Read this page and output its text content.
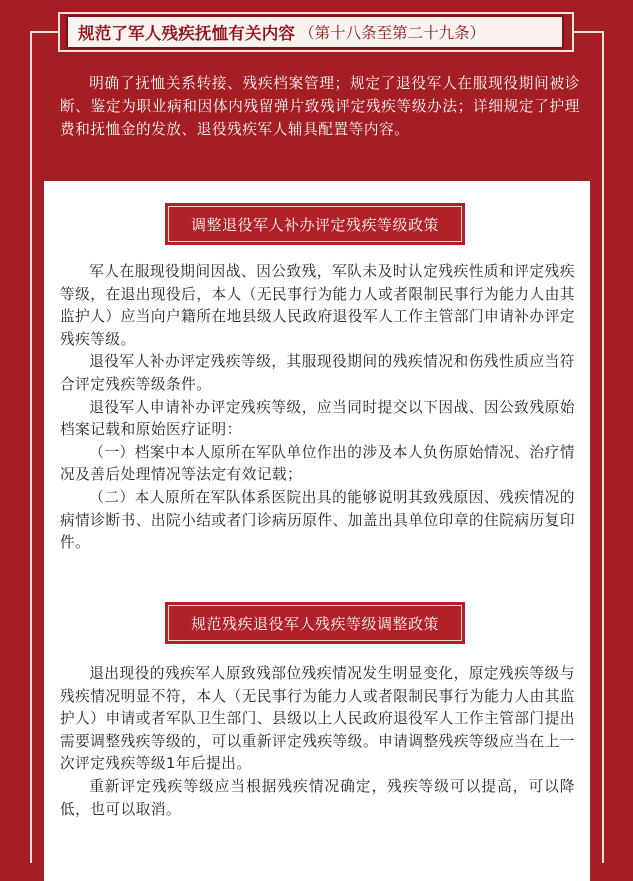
规范了军人残疾抚恤有关内容 （第十八条至第二十九条）
明确了抚恤关系转接、残疾档案管理；规定了退役军人在服现役期间被诊断、鉴定为职业病和因体内残留弹片致残评定残疾等级办法；详细规定了护理费和抚恤金的发放、退役残疾军人辅具配置等内容。
调整退役军人补办评定残疾等级政策

军人在服现役期间因战、因公致残，军队未及时认定残疾性质和评定残疾等级，在退出现役后，本人（无民事行为能力人或者限制民事行为能力人由其监护人）应当向户籍所在地县级人民政府退役军人工作主管部门申请补办评定残疾等级。

退役军人补办评定残疾等级，其服现役期间的残疾情况和伤残性质应当符合评定残疾等级条件。

退役军人申请补办评定残疾等级，应当同时提交以下因战、因公致残原始档案记载和原始医疗证明：

（一）档案中本人原所在军队单位作出的涉及本人负伤原始情况、治疗情况及善后处理情况等法定有效记载；

（二）本人原所在军队体系医院出具的能够说明其致残原因、残疾情况的病情诊断书、出院小结或者门诊病历原件、加盖出具单位印章的住院病历复印件。

规范残疾退役军人残疾等级调整政策

退出现役的残疾军人原致残部位残疾情况发生明显变化，原定残疾等级与残疾情况明显不符，本人（无民事行为能力人或者限制民事行为能力人由其监护人）申请或者军队卫生部门、县级以上人民政府退役军人工作主管部门提出需要调整残疾等级的，可以重新评定残疾等级。申请调整残疾等级应当在上一次评定残疾等级1年后提出。

重新评定残疾等级应当根据残疾情况确定，残疾等级可以提高，可以降低，也可以取消。
